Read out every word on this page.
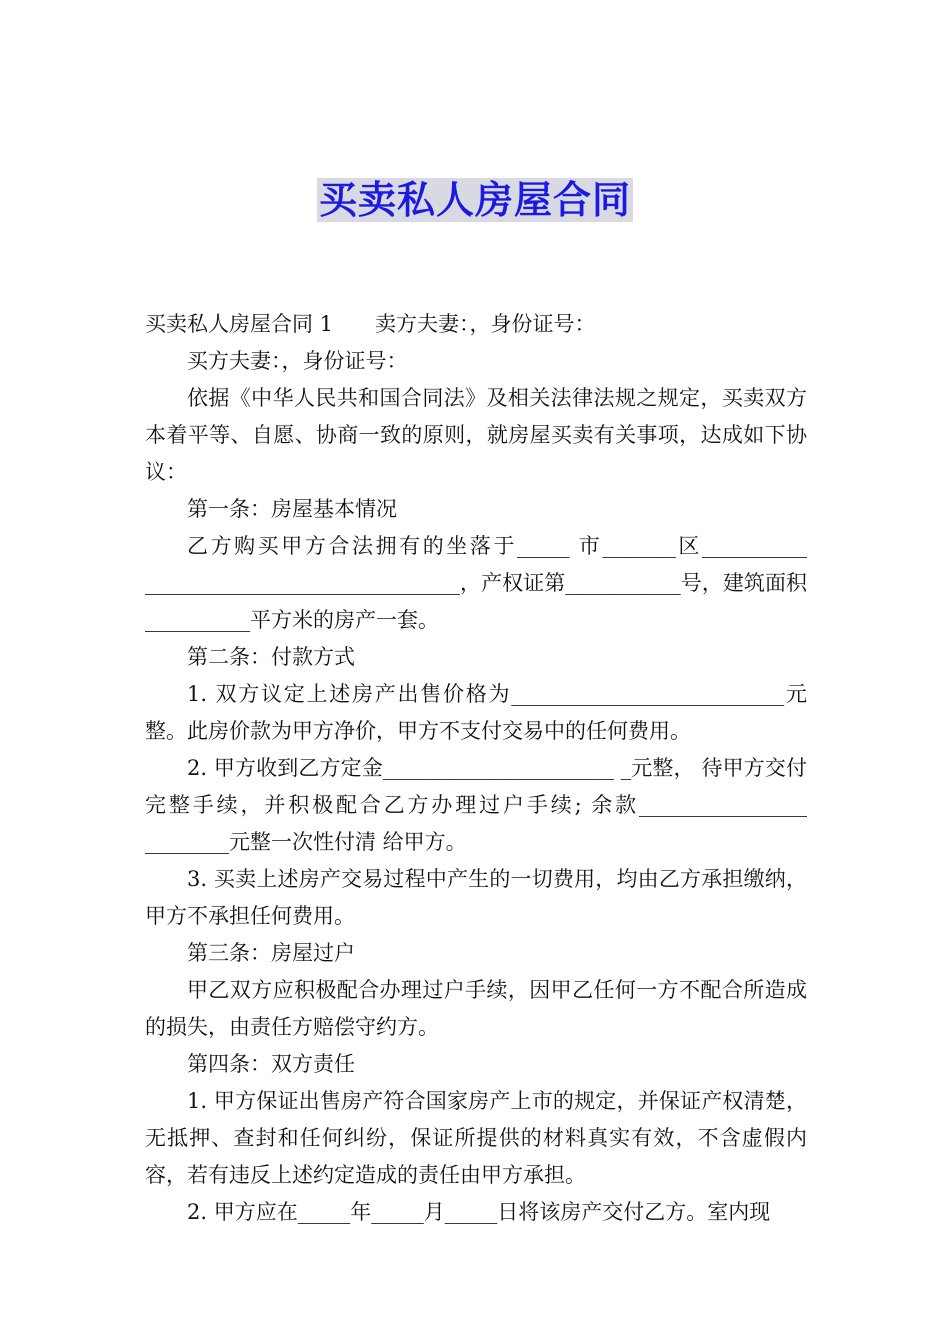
买卖私人房屋合同

买卖私人房屋合同 1 卖方夫妻：，身份证号：

买方夫妻：，身份证号：

依据《中华人民共和国合同法》及相关法律法规之规定，买卖双方本着平等、自愿、协商一致的原则，就房屋买卖有关事项，达成如下协议：

第一条：房屋基本情况

乙方购买甲方合法拥有的坐落于_____ 市_______区__________ ______________________________，产权证第___________号，建筑面积__________平方米的房产一套。

第二条：付款方式

1. 双方议定上述房产出售价格为__________________________元整。此房价款为甲方净价，甲方不支付交易中的任何费用。

2. 甲方收到乙方定金______________________ _元整， 待甲方交付完整手续，并积极配合乙方办理过户手续; 余款________________ ________元整一次性付清 给甲方。

3. 买卖上述房产交易过程中产生的一切费用，均由乙方承担缴纳，甲方不承担任何费用。

第三条：房屋过户

甲乙双方应积极配合办理过户手续，因甲乙任何一方不配合所造成的损失，由责任方赔偿守约方。

第四条：双方责任

1. 甲方保证出售房产符合国家房产上市的规定，并保证产权清楚，无抵押、查封和任何纠纷，保证所提供的材料真实有效，不含虚假内容，若有违反上述约定造成的责任由甲方承担。

2. 甲方应在_____年_____月_____日将该房产交付乙方。室内现
